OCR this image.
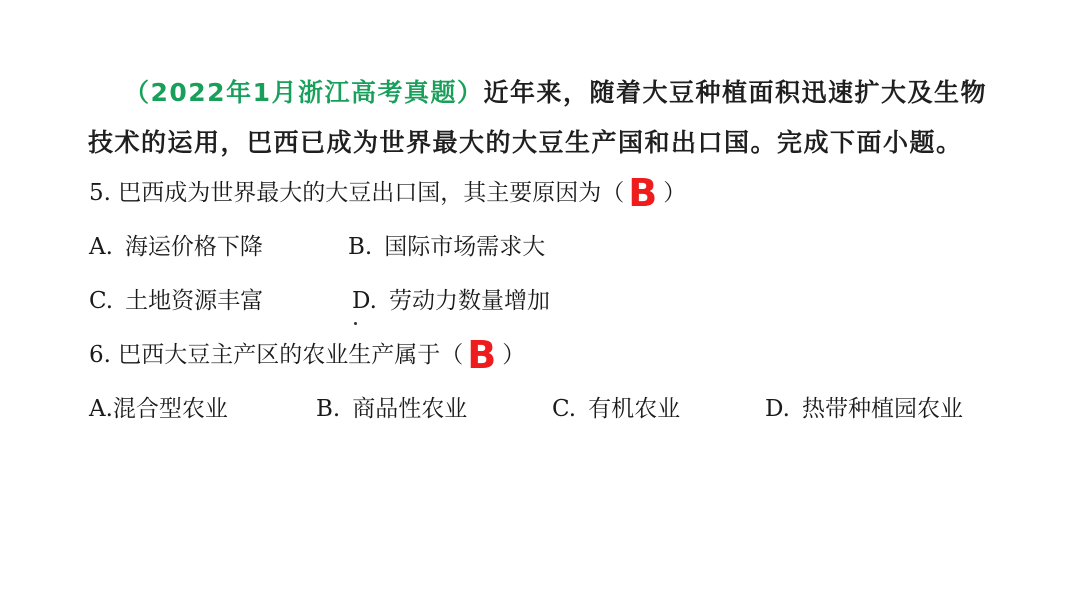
（2022年1月浙江高考真题）近年来，随着大豆种植面积迅速扩大及生物技术的运用，巴西已成为世界最大的大豆生产国和出口国。完成下面小题。
5. 巴西成为世界最大的大豆出口国，其主要原因为（ B ）
A. 海运价格下降	B. 国际市场需求大
C. 土地资源丰富	D. 劳动力数量增加
6. 巴西大豆主产区的农业生产属于（ B ）
A.混合型农业	B. 商品性农业	C. 有机农业	D. 热带种植园农业
